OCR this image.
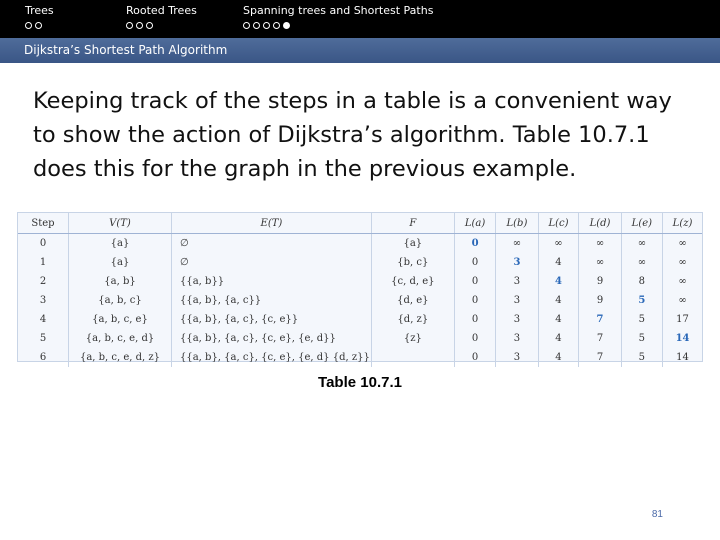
Trees	Rooted Trees	Spanning trees and Shortest Paths
Dijkstra’s Shortest Path Algorithm
Keeping track of the steps in a table is a convenient way to show the action of Dijkstra’s algorithm. Table 10.7.1 does this for the graph in the previous example.
Step	V(T)	E(T)	F	L(a)	L(b)	L(c)	L(d)	L(e)	L(z)
0	{a}	∅	{a}	0	∞	∞	∞	∞	∞
1	{a}	∅	{b, c}	0	3	4	∞	∞	∞
2	{a, b}	{{a, b}}	{c, d, e}	0	3	4	9	8	∞
3	{a, b, c}	{{a, b}, {a, c}}	{d, e}	0	3	4	9	5	∞
4	{a, b, c, e}	{{a, b}, {a, c}, {c, e}}	{d, z}	0	3	4	7	5	17
5	{a, b, c, e, d}	{{a, b}, {a, c}, {c, e}, {e, d}}	{z}	0	3	4	7	5	14
6	{a, b, c, e, d, z}	{{a, b}, {a, c}, {c, e}, {e, d} {d, z}}		0	3	4	7	5	14
Table 10.7.1
81
